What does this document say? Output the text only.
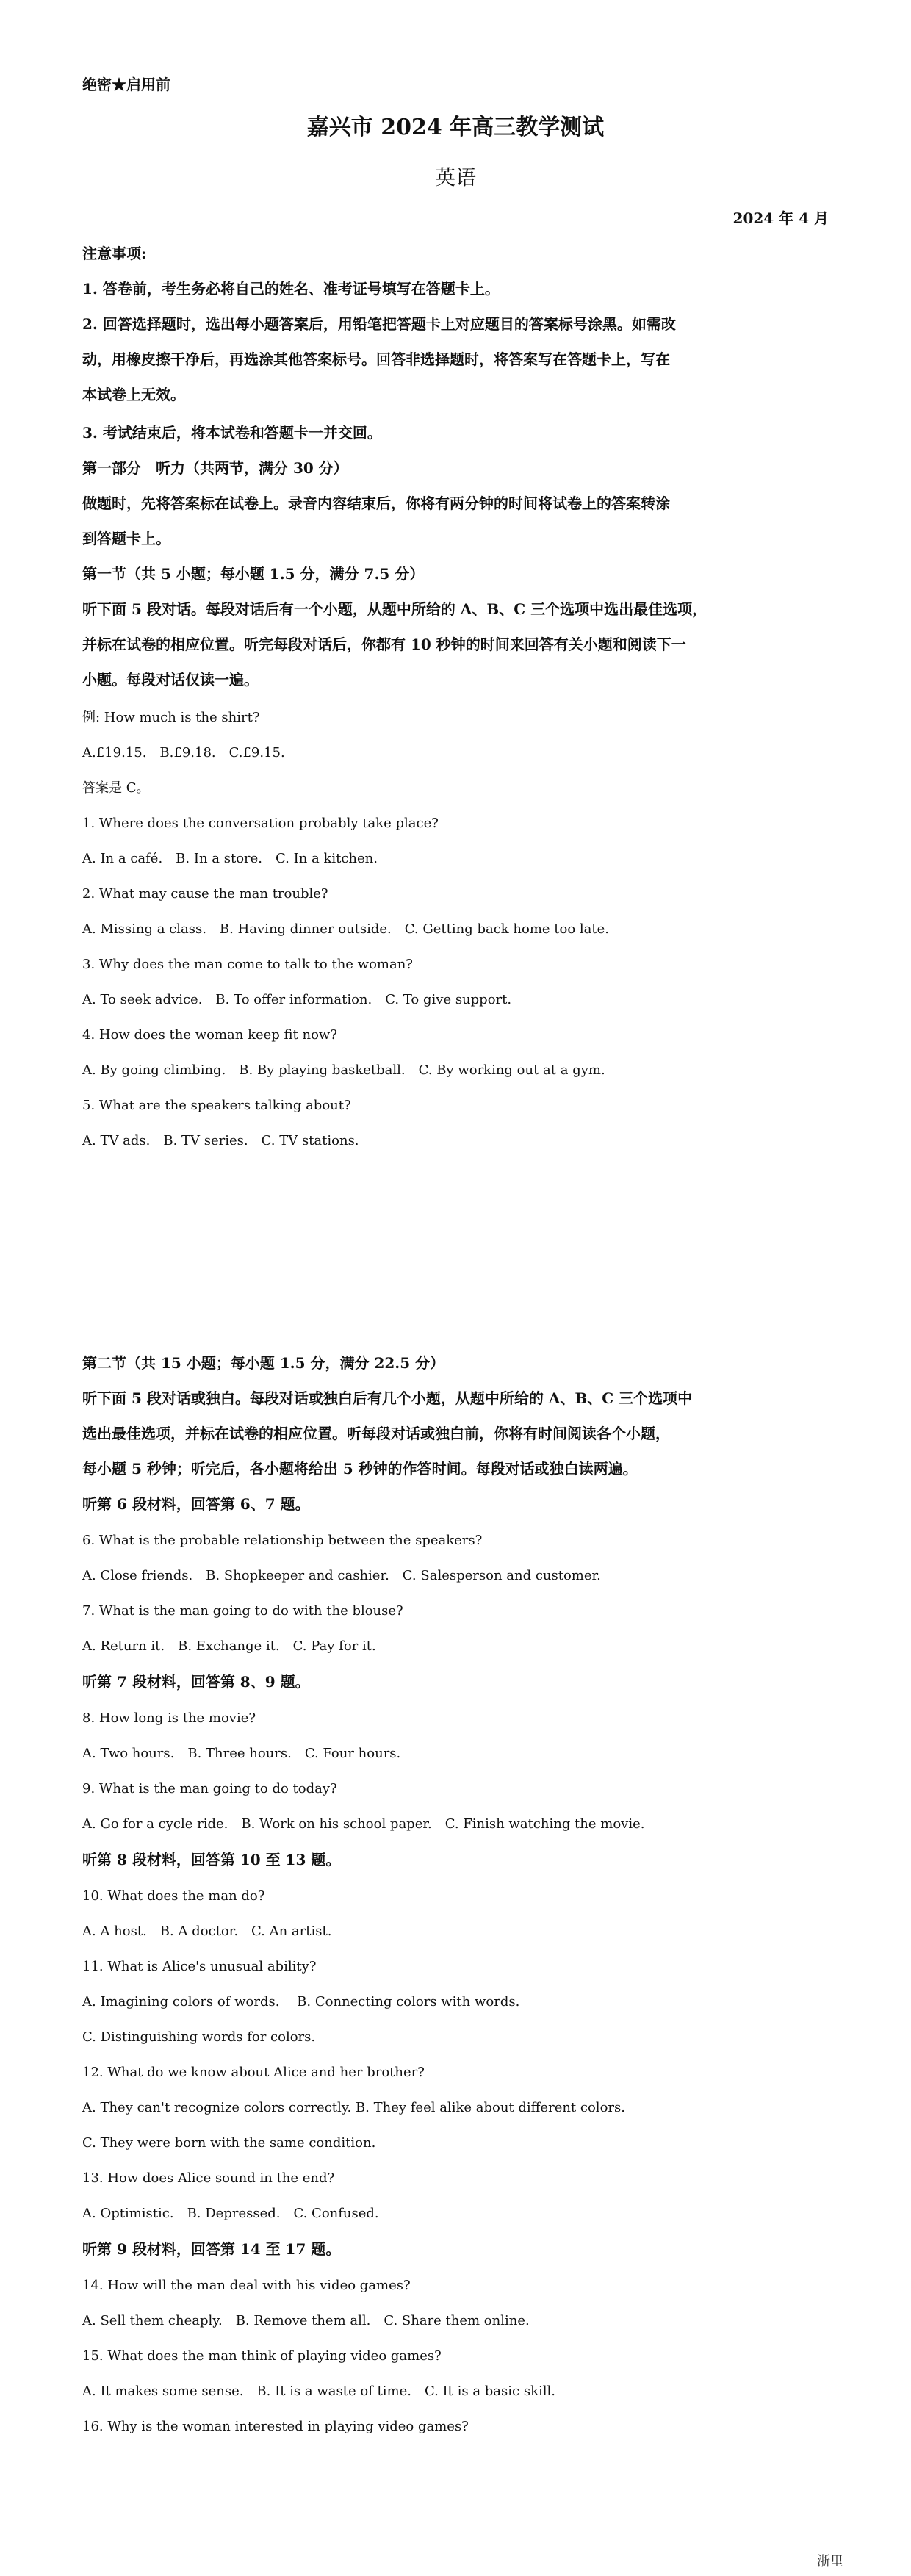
绝密★启用前
嘉兴市 2024 年高三教学测试
英语
2024 年 4 月
注意事项:
1. 答卷前，考生务必将自己的姓名、准考证号填写在答题卡上。
2. 回答选择题时，选出每小题答案后，用铅笔把答题卡上对应题目的答案标号涂黑。如需改
动，用橡皮擦干净后，再选涂其他答案标号。回答非选择题时，将答案写在答题卡上，写在
本试卷上无效。
3. 考试结束后，将本试卷和答题卡一并交回。
第一部分　听力（共两节，满分 30 分）
做题时，先将答案标在试卷上。录音内容结束后，你将有两分钟的时间将试卷上的答案转涂
到答题卡上。
第一节（共 5 小题；每小题 1.5 分，满分 7.5 分）
听下面 5 段对话。每段对话后有一个小题，从题中所给的 A、B、C 三个选项中选出最佳选项，
并标在试卷的相应位置。听完每段对话后，你都有 10 秒钟的时间来回答有关小题和阅读下一
小题。每段对话仅读一遍。
例: How much is the shirt?
A.£19.15.　B.£9.18.　C.£9.15.
答案是 C。
1. Where does the conversation probably take place?
A. In a café.　B. In a store.　C. In a kitchen.
2. What may cause the man trouble?
A. Missing a class.　B. Having dinner outside.　C. Getting back home too late.
3. Why does the man come to talk to the woman?
A. To seek advice.　B. To offer information.　C. To give support.
4. How does the woman keep fit now?
A. By going climbing.　B. By playing basketball.　C. By working out at a gym.
5. What are the speakers talking about?
A. TV ads.　B. TV series.　C. TV stations.
第二节（共 15 小题；每小题 1.5 分，满分 22.5 分）
听下面 5 段对话或独白。每段对话或独白后有几个小题，从题中所给的 A、B、C 三个选项中
选出最佳选项，并标在试卷的相应位置。听每段对话或独白前，你将有时间阅读各个小题，
每小题 5 秒钟；听完后，各小题将给出 5 秒钟的作答时间。每段对话或独白读两遍。
听第 6 段材料，回答第 6、7 题。
6. What is the probable relationship between the speakers?
A. Close friends.　B. Shopkeeper and cashier.　C. Salesperson and customer.
7. What is the man going to do with the blouse?
A. Return it.　B. Exchange it.　C. Pay for it.
听第 7 段材料，回答第 8、9 题。
8. How long is the movie?
A. Two hours.　B. Three hours.　C. Four hours.
9. What is the man going to do today?
A. Go for a cycle ride.　B. Work on his school paper.　C. Finish watching the movie.
听第 8 段材料，回答第 10 至 13 题。
10. What does the man do?
A. A host.　B. A doctor.　C. An artist.
11. What is Alice's unusual ability?
A. Imagining colors of words.　 B. Connecting colors with words.
C. Distinguishing words for colors.
12. What do we know about Alice and her brother?
A. They can't recognize colors correctly. B. They feel alike about different colors.
C. They were born with the same condition.
13. How does Alice sound in the end?
A. Optimistic.　B. Depressed.　C. Confused.
听第 9 段材料，回答第 14 至 17 题。
14. How will the man deal with his video games?
A. Sell them cheaply.　B. Remove them all.　C. Share them online.
15. What does the man think of playing video games?
A. It makes some sense.　B. It is a waste of time.　C. It is a basic skill.
16. Why is the woman interested in playing video games?
浙里
